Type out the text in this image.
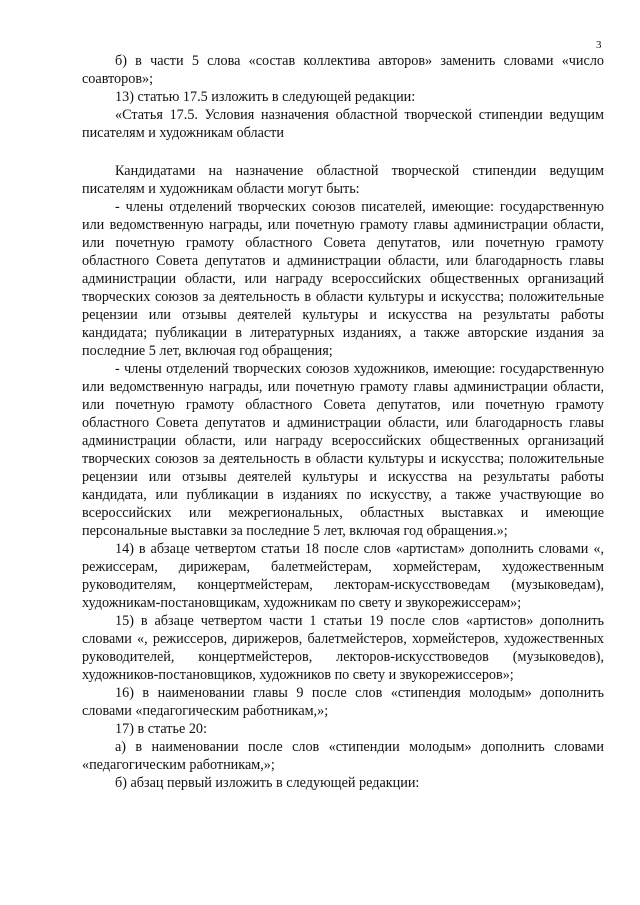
3

б) в части 5 слова «состав коллектива авторов» заменить словами «число соавторов»;

13) статью 17.5 изложить в следующей редакции:

«Статья 17.5. Условия назначения областной творческой стипендии ведущим писателям и художникам области

Кандидатами на назначение областной творческой стипендии ведущим писателям и художникам области могут быть:

- члены отделений творческих союзов писателей, имеющие: государственную или ведомственную награды, или почетную грамоту главы администрации области, или почетную грамоту областного Совета депутатов, или почетную грамоту областного Совета депутатов и администрации области, или благодарность главы администрации области, или награду всероссийских общественных организаций творческих союзов за деятельность в области культуры и искусства; положительные рецензии или отзывы деятелей культуры и искусства на результаты работы кандидата; публикации в литературных изданиях, а также авторские издания за последние 5 лет, включая год обращения;

- члены отделений творческих союзов художников, имеющие: государственную или ведомственную награды, или почетную грамоту главы администрации области, или почетную грамоту областного Совета депутатов, или почетную грамоту областного Совета депутатов и администрации области, или благодарность главы администрации области, или награду всероссийских общественных организаций творческих союзов за деятельность в области культуры и искусства; положительные рецензии или отзывы деятелей культуры и искусства на результаты работы кандидата, или публикации в изданиях по искусству, а также участвующие во всероссийских или межрегиональных, областных выставках и имеющие персональные выставки за последние 5 лет, включая год обращения.»;

14) в абзаце четвертом статьи 18 после слов «артистам» дополнить словами «, режиссерам, дирижерам, балетмейстерам, хормейстерам, художественным руководителям, концертмейстерам, лекторам-искусствоведам (музыковедам), художникам-постановщикам, художникам по свету и звукорежиссерам»;

15) в абзаце четвертом части 1 статьи 19 после слов «артистов» дополнить словами «, режиссеров, дирижеров, балетмейстеров, хормейстеров, художественных руководителей, концертмейстеров, лекторов-искусствоведов (музыковедов), художников-постановщиков, художников по свету и звукорежиссеров»;

16) в наименовании главы 9 после слов «стипендия молодым» дополнить словами «педагогическим работникам,»;

17) в статье 20:

а) в наименовании после слов «стипендии молодым» дополнить словами «педагогическим работникам,»;

б) абзац первый изложить в следующей редакции:
